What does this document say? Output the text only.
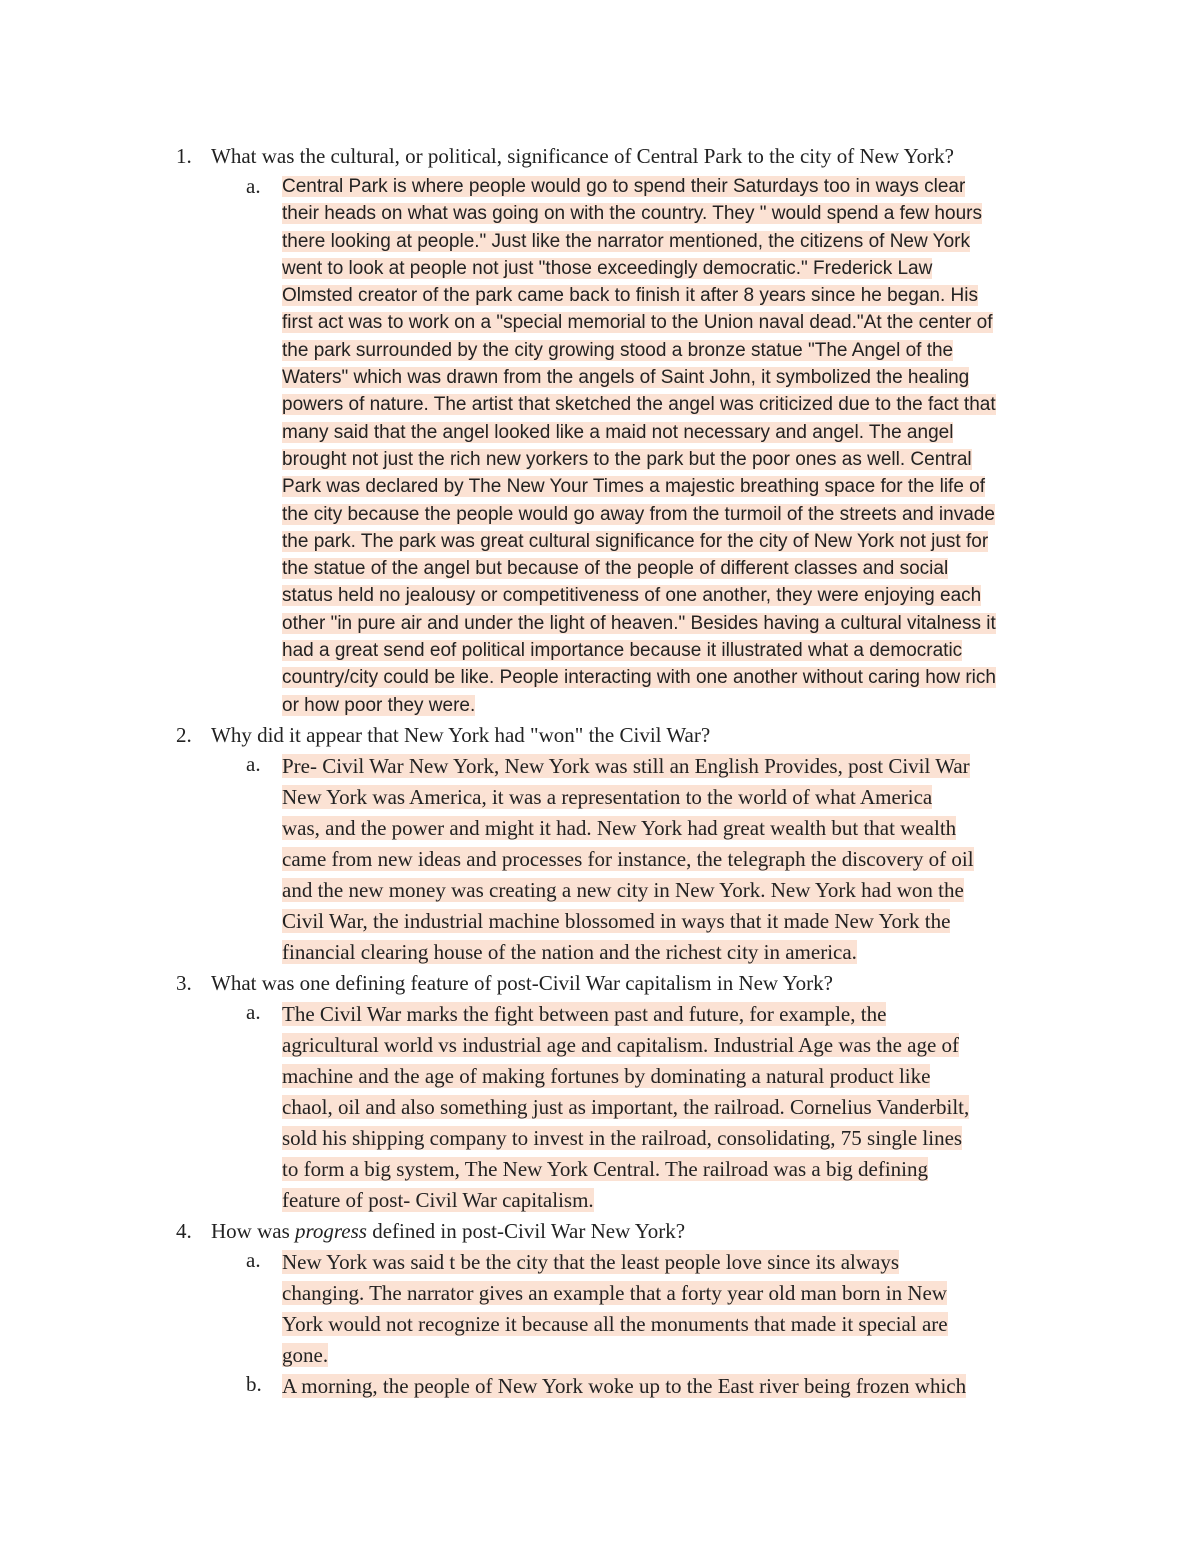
1. What was the cultural, or political, significance of Central Park to the city of New York?
a. Central Park is where people would go to spend their Saturdays too in ways clear
their heads on what was going on with the country. They " would spend a few hours
there looking at people." Just like the narrator mentioned, the citizens of New York
went to look at people not just "those exceedingly democratic." Frederick Law
Olmsted creator of the park came back to finish it after 8 years since he began. His
first act was to work on a "special memorial to the Union naval dead."At the center of
the park surrounded by the city growing stood a bronze statue "The Angel of the
Waters" which was drawn from the angels of Saint John, it symbolized the healing
powers of nature. The artist that sketched the angel was criticized due to the fact that
many said that the angel looked like a maid not necessary and angel. The angel
brought not just the rich new yorkers to the park but the poor ones as well. Central
Park was declared by The New Your Times a majestic breathing space for the life of
the city because the people would go away from the turmoil of the streets and invade
the park. The park was great cultural significance for the city of New York not just for
the statue of the angel but because of the people of different classes and social
status held no jealousy or competitiveness of one another, they were enjoying each
other "in pure air and under the light of heaven." Besides having a cultural vitalness it
had a great send eof political importance because it illustrated what a democratic
country/city could be like. People interacting with one another without caring how rich
or how poor they were.
2. Why did it appear that New York had "won" the Civil War?
a. Pre- Civil War New York, New York was still an English Provides, post Civil War
New York was America, it was a representation to the world of what America
was, and the power and might it had. New York had great wealth but that wealth
came from new ideas and processes for instance, the telegraph the discovery of oil
and the new money was creating a new city in New York. New York had won the
Civil War, the industrial machine blossomed in ways that it made New York the
financial clearing house of the nation and the richest city in america.
3. What was one defining feature of post-Civil War capitalism in New York?
a. The Civil War marks the fight between past and future, for example, the
agricultural world vs industrial age and capitalism. Industrial Age was the age of
machine and the age of making fortunes by dominating a natural product like
chaol, oil and also something just as important, the railroad. Cornelius Vanderbilt,
sold his shipping company to invest in the railroad, consolidating, 75 single lines
to form a big system, The New York Central. The railroad was a big defining
feature of post- Civil War capitalism.
4. How was progress defined in post-Civil War New York?
a. New York was said t be the city that the least people love since its always
changing. The narrator gives an example that a forty year old man born in New
York would not recognize it because all the monuments that made it special are
gone.
b. A morning, the people of New York woke up to the East river being frozen which
